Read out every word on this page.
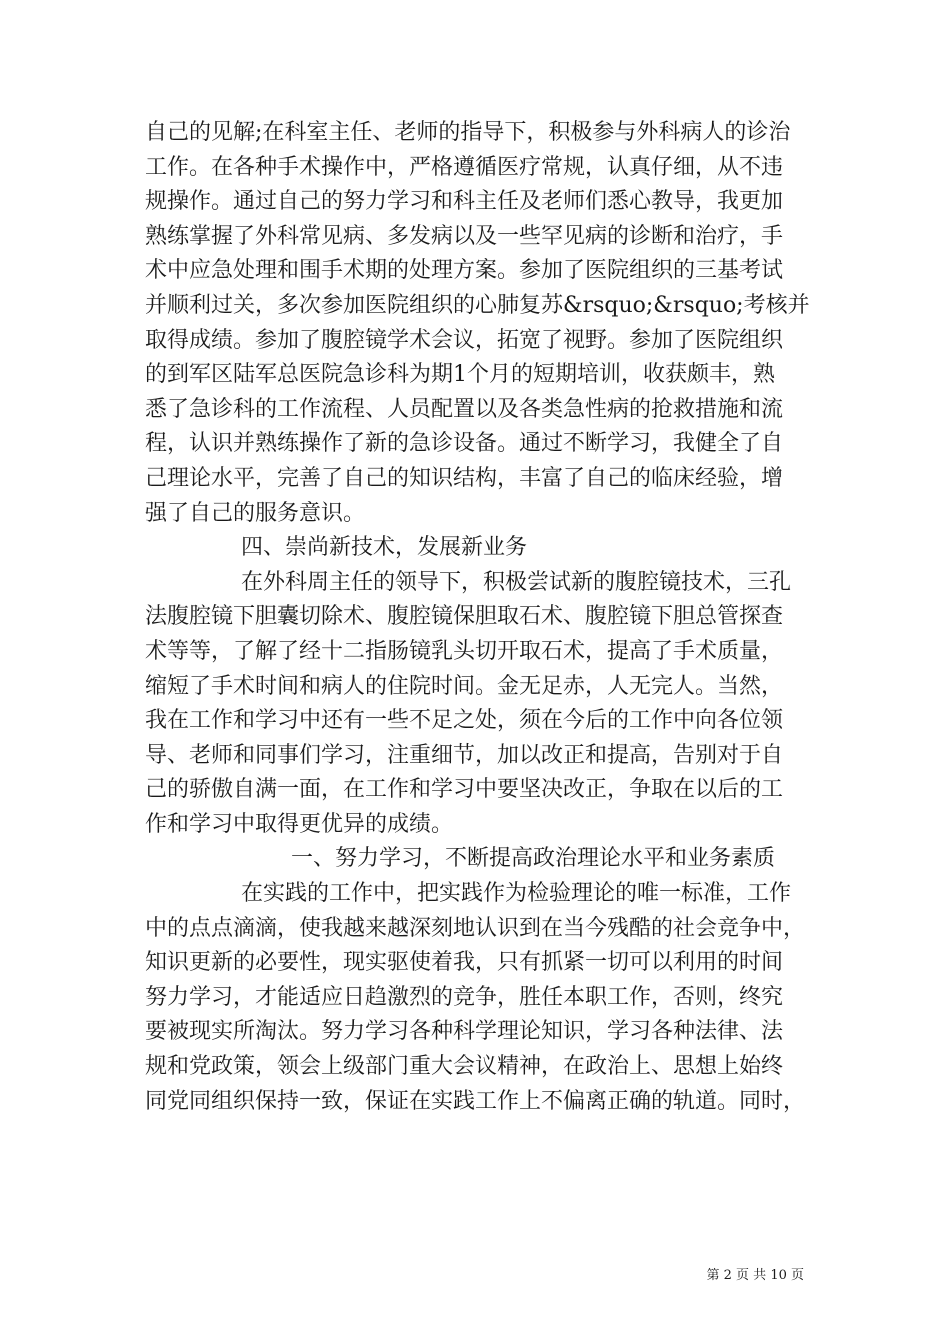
自己的见解;在科室主任、老师的指导下，积极参与外科病人的诊治
工作。在各种手术操作中，严格遵循医疗常规，认真仔细，从不违
规操作。通过自己的努力学习和科主任及老师们悉心教导，我更加
熟练掌握了外科常见病、多发病以及一些罕见病的诊断和治疗，手
术中应急处理和围手术期的处理方案。参加了医院组织的三基考试
并顺利过关，多次参加医院组织的心肺复苏&rsquo;&rsquo;考核并
取得成绩。参加了腹腔镜学术会议，拓宽了视野。参加了医院组织
的到军区陆军总医院急诊科为期1个月的短期培训，收获颇丰，熟
悉了急诊科的工作流程、人员配置以及各类急性病的抢救措施和流
程，认识并熟练操作了新的急诊设备。通过不断学习，我健全了自
己理论水平，完善了自己的知识结构，丰富了自己的临床经验，增
强了自己的服务意识。
四、崇尚新技术，发展新业务
在外科周主任的领导下，积极尝试新的腹腔镜技术，三孔
法腹腔镜下胆囊切除术、腹腔镜保胆取石术、腹腔镜下胆总管探查
术等等，了解了经十二指肠镜乳头切开取石术，提高了手术质量，
缩短了手术时间和病人的住院时间。金无足赤，人无完人。当然，
我在工作和学习中还有一些不足之处，须在今后的工作中向各位领
导、老师和同事们学习，注重细节，加以改正和提高，告别对于自
己的骄傲自满一面，在工作和学习中要坚决改正，争取在以后的工
作和学习中取得更优异的成绩。
一、努力学习，不断提高政治理论水平和业务素质
在实践的工作中，把实践作为检验理论的唯一标准，工作
中的点点滴滴，使我越来越深刻地认识到在当今残酷的社会竞争中，
知识更新的必要性，现实驱使着我，只有抓紧一切可以利用的时间
努力学习，才能适应日趋激烈的竞争，胜任本职工作，否则，终究
要被现实所淘汰。努力学习各种科学理论知识，学习各种法律、法
规和党政策，领会上级部门重大会议精神，在政治上、思想上始终
同党同组织保持一致，保证在实践工作上不偏离正确的轨道。同时，
第 2 页 共 10 页
